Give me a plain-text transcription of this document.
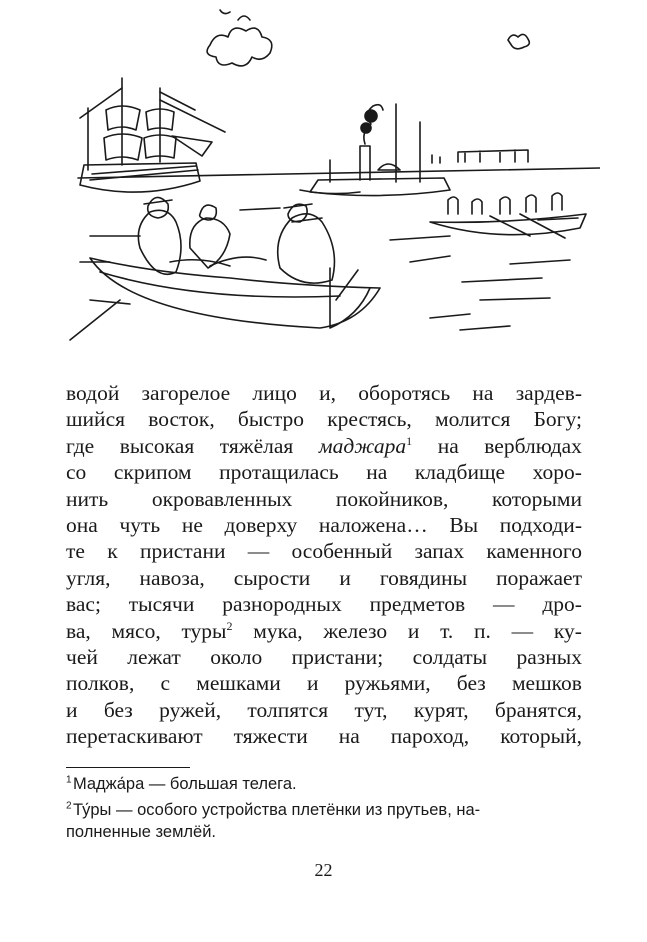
водой загорелое лицо и, оборотясь на зардев-
шийся восток, быстро крестясь, молится Богу;
где высокая тяжёлая маджара$^1$ на верблюдах
со скрипом протащилась на кладбище хоро-
нить окровавленных покойников, которыми
она чуть не доверху наложена… Вы подходи-
те к пристани — особенный запах каменного
угля, навоза, сырости и говядины поражает
вас; тысячи разнородных предметов — дро-
ва, мясо, туры$^2$ мука, железо и т. п. — ку-
чей лежат около пристани; солдаты разных
полков, с мешками и ружьями, без мешков
и без ружей, толпятся тут, курят, бранятся,
перетаскивают тяжести на пароход, который,

$^1$ Маджа́ра — большая телега.

$^2$ Ту́ры — особого устройства плетёнки из прутьев, на-
полненные землёй.

22
